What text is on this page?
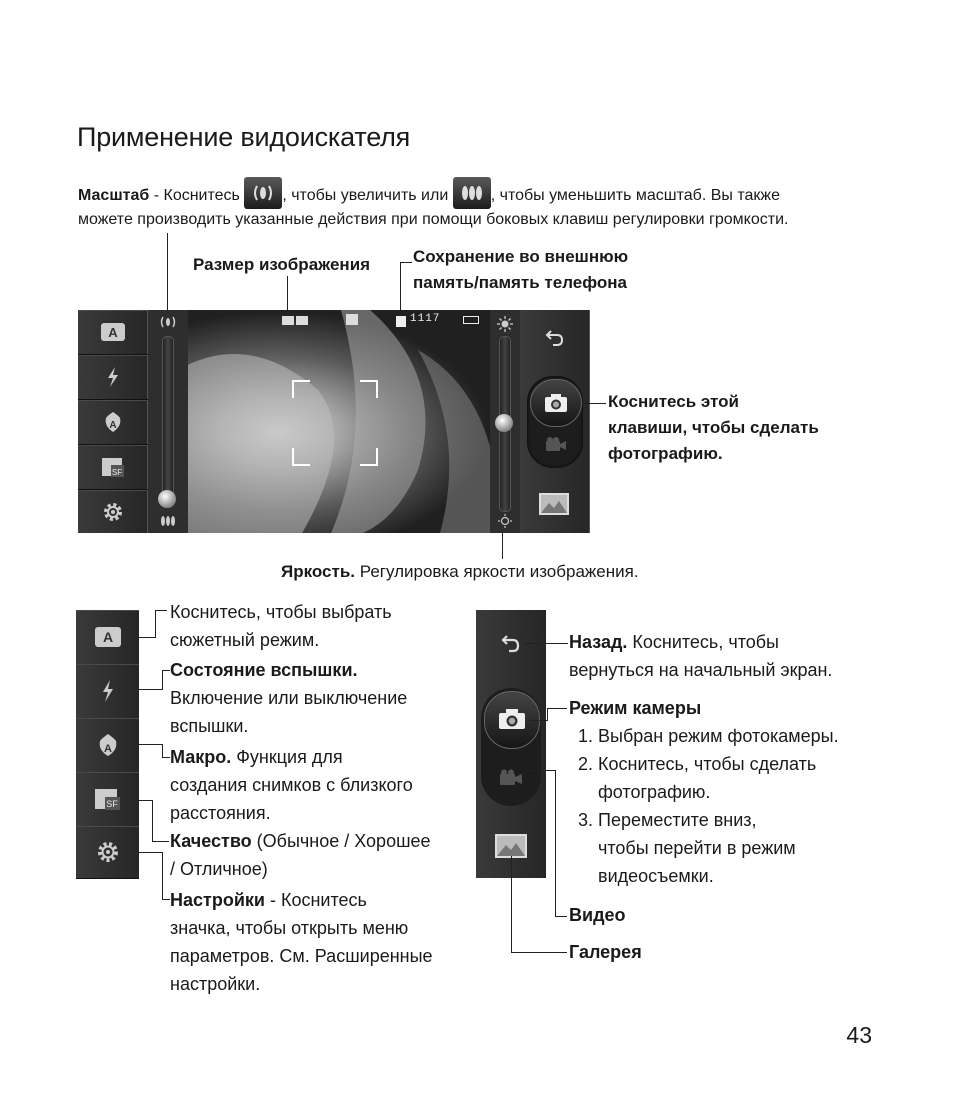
Применение видоискателя
Масштаб - Коснитесь
, чтобы увеличить или
, чтобы уменьшить масштаб. Вы также
можете производить указанные действия при помощи боковых клавиш регулировки громкости.
Размер изображения	Сохранение во внешнюю
память/память телефона
A
A
SF
1117
Коснитесь этой
клавиши, чтобы сделать
фотографию.
Яркость. Регулировка яркости изображения.
A
A
SF
Коснитесь, чтобы выбрать
сюжетный режим.
Состояние вспышки.
Включение или выключение
вспышки.
Макро. Функция для
создания снимков с близкого
расстояния.
Качество (Обычное / Хорошее
/ Отличное)
Настройки - Коснитесь
значка, чтобы открыть меню
параметров. См. Расширенные
настройки.
Назад. Коснитесь, чтобы
вернуться на начальный экран.
Режим камеры
1. Выбран режим фотокамеры.
2. Коснитесь, чтобы сделать
фотографию.
3. Переместите вниз,
чтобы перейти в режим
видеосъемки.
Видео
Галерея
43
